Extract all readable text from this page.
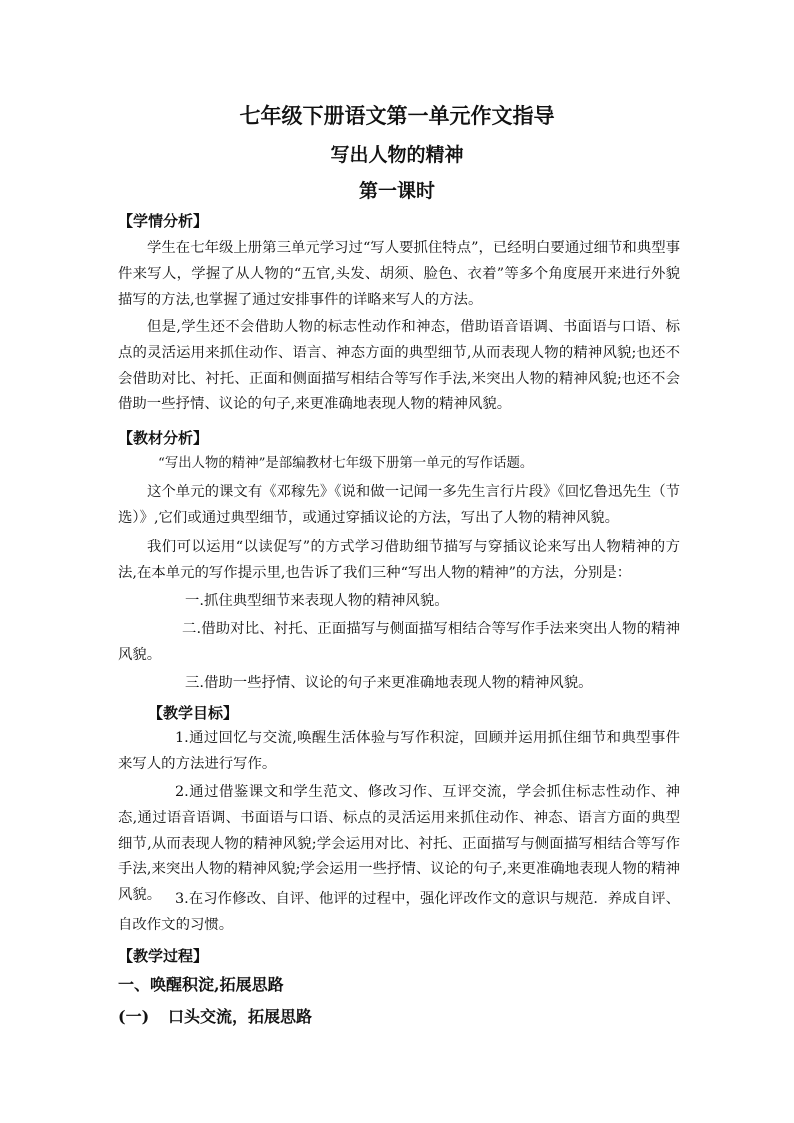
七年级下册语文第一单元作文指导
写出人物的精神
第一课时
【学情分析】

学生在七年级上册第三单元学习过“写人要抓住特点”，已经明白要通过细节和典型事件来写人，学握了从人物的“五官,头发、胡须、脸色、衣着”等多个角度展开来进行外貌描写的方法,也掌握了通过安排事件的详略来写人的方法。

但是,学生还不会借助人物的标志性动作和神态，借助语音语调、书面语与口语、标点的灵活运用来抓住动作、语言、神态方面的典型细节,从而表现人物的精神风貌;也还不会借助对比、衬托、正面和侧面描写相结合等写作手法,米突出人物的精神风貌;也还不会借助一些抒情、议论的句子,来更准确地表现人物的精神风貌。

【教材分析】

“写出人物的精神”是部编教材七年级下册第一单元的写作话题。

这个单元的课文有《邓稼先》《说和做一记闻一多先生言行片段》《回忆鲁迅先生（节选）》,它们或通过典型细节，或通过穿插议论的方法，写出了人物的精神风貌。

我们可以运用“以读促写”的方式学习借助细节描写与穿插议论来写出人物精神的方法,在本单元的写作提示里,也告诉了我们三种“写出人物的精神”的方法，分别是：

一.抓住典型细节来表现人物的精神风貌。

二.借助对比、衬托、正面描写与侧面描写相结合等写作手法来突出人物的精神风貌。

三.借助一些抒情、议论的句子来更准确地表现人物的精神风貌。

【教学目标】

1.通过回忆与交流,唤醒生活体验与写作积淀，回顾并运用抓住细节和典型事件来写人的方法进行写作。

2.通过借鉴课文和学生范文、修改习作、互评交流，学会抓住标志性动作、神态,通过语音语调、书面语与口语、标点的灵活运用来抓住动作、神态、语言方面的典型细节,从而表现人物的精神风貌;学会运用对比、衬托、正面描写与侧面描写相结合等写作手法,来突出人物的精神风貌;学会运用一些抒情、议论的句子,来更准确地表现人物的精神风貌。 3.在习作修改、自评、他评的过程中，强化评改作文的意识与规范．养成自评、自改作文的习惯。

【教学过程】
一、唤醒积淀,拓展思路
(一) 口头交流，拓展思路
